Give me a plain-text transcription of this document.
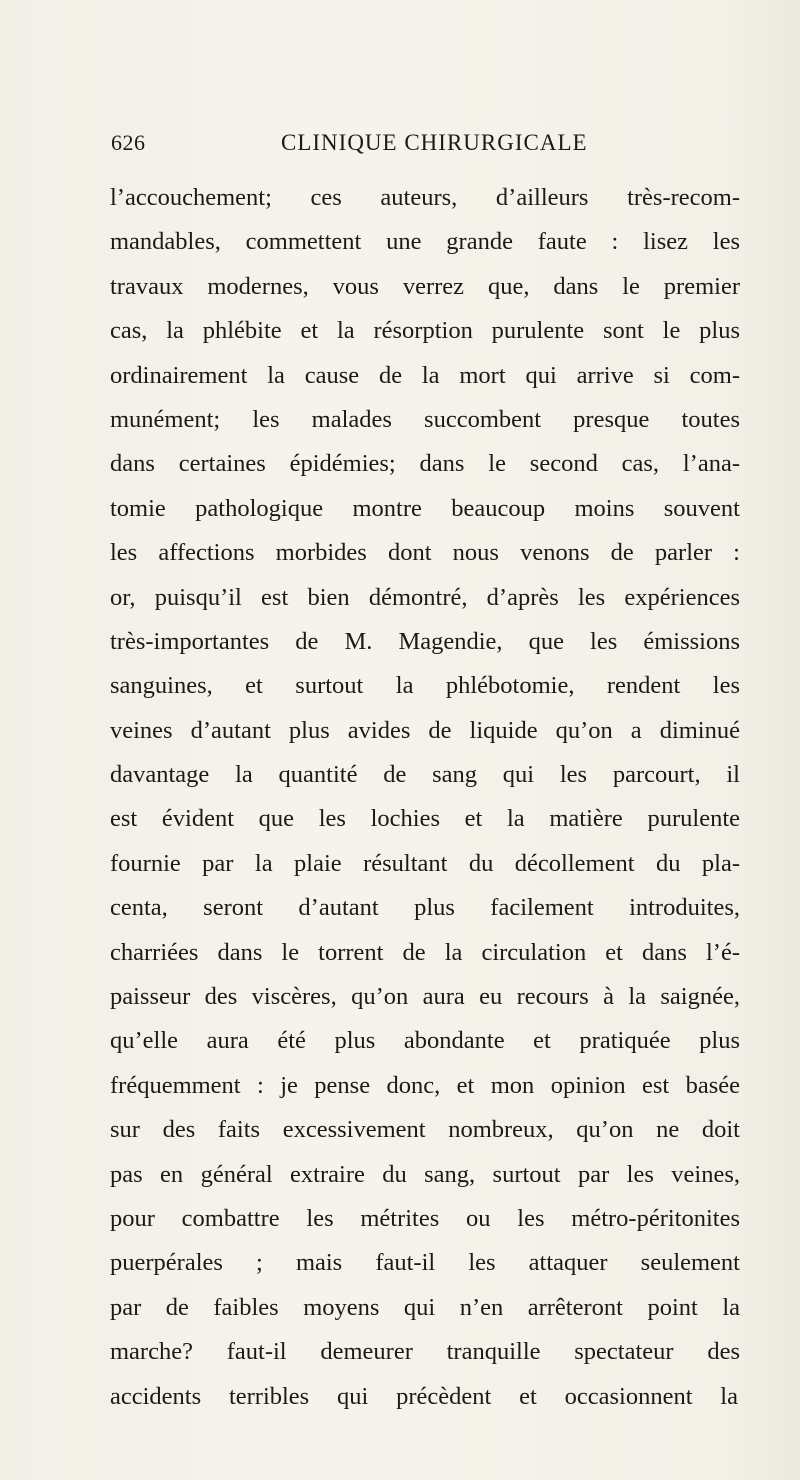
626	CLINIQUE CHIRURGICALE
l’accouchement; ces auteurs, d’ailleurs très-recom-
mandables, commettent une grande faute : lisez les
travaux modernes, vous verrez que, dans le premier
cas, la phlébite et la résorption purulente sont le plus
ordinairement la cause de la mort qui arrive si com-
munément; les malades succombent presque toutes
dans certaines épidémies; dans le second cas, l’ana-
tomie pathologique montre beaucoup moins souvent
les affections morbides dont nous venons de parler :
or, puisqu’il est bien démontré, d’après les expériences
très-importantes de M. Magendie, que les émissions
sanguines, et surtout la phlébotomie, rendent les
veines d’autant plus avides de liquide qu’on a diminué
davantage la quantité de sang qui les parcourt, il
est évident que les lochies et la matière purulente
fournie par la plaie résultant du décollement du pla-
centa, seront d’autant plus facilement introduites,
charriées dans le torrent de la circulation et dans l’é-
paisseur des viscères, qu’on aura eu recours à la saignée,
qu’elle aura été plus abondante et pratiquée plus
fréquemment : je pense donc, et mon opinion est basée
sur des faits excessivement nombreux, qu’on ne doit
pas en général extraire du sang, surtout par les veines,
pour combattre les métrites ou les métro-péritonites
puerpérales ; mais faut-il les attaquer seulement
par de faibles moyens qui n’en arrêteront point la
marche? faut-il demeurer tranquille spectateur des
accidents terribles qui précèdent et occasionnent la
